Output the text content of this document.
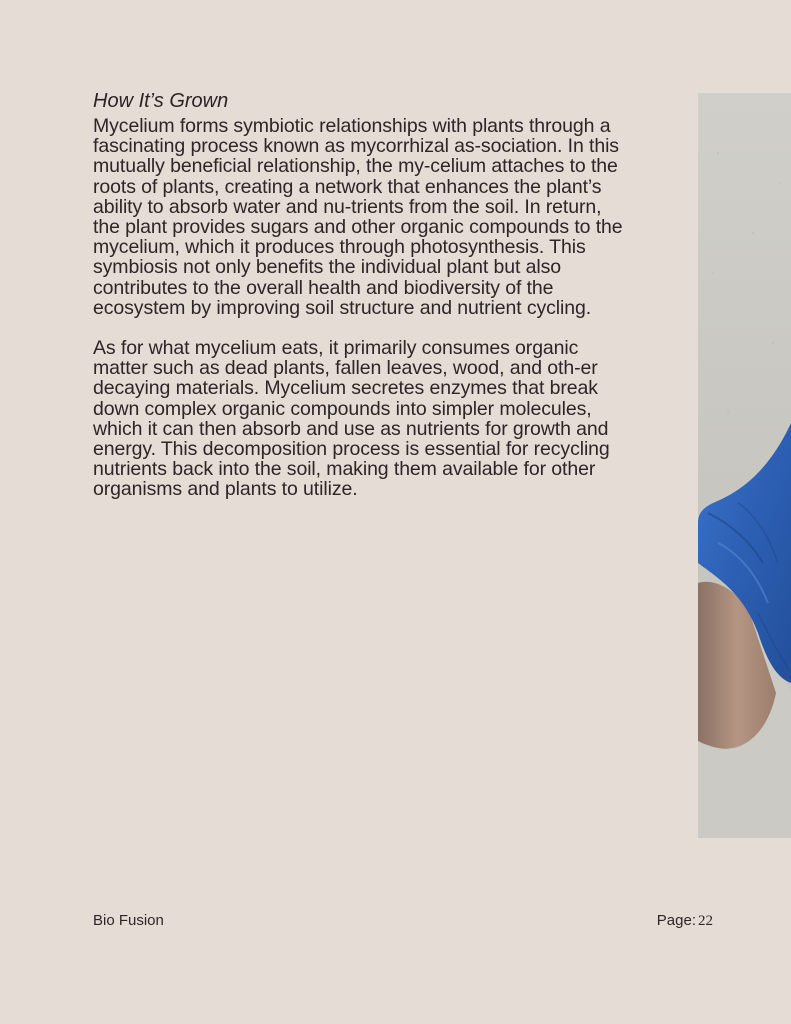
How It’s Grown

Mycelium forms symbiotic relationships with plants through a fascinating process known as mycorrhizal as-sociation. In this mutually beneficial relationship, the my-celium attaches to the roots of plants, creating a network that enhances the plant’s ability to absorb water and nu-trients from the soil. In return, the plant provides sugars and other organic compounds to the mycelium, which it produces through photosynthesis. This symbiosis not only benefits the individual plant but also contributes to the overall health and biodiversity of the ecosystem by improving soil structure and nutrient cycling.

As for what mycelium eats, it primarily consumes organic matter such as dead plants, fallen leaves, wood, and oth-er decaying materials. Mycelium secretes enzymes that break down complex organic compounds into simpler molecules, which it can then absorb and use as nutrients for growth and energy. This decomposition process is essential for recycling nutrients back into the soil, making them available for other organisms and plants to utilize.

Bio Fusion	Page: 22
